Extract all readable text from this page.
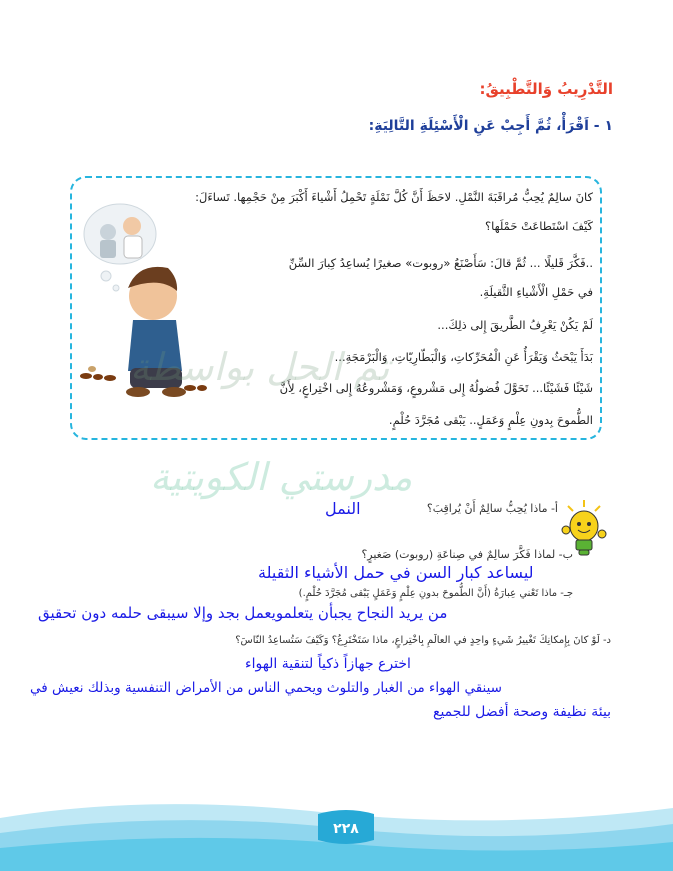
التَّدْرِيبُ وَالتَّطْبِيقُ:
١ - اَقْرَأْ، ثُمَّ أَجِبْ عَنِ الْأَسْئِلَةِ التَّالِيَةِ:
كانَ سالِمٌ يُحِبُّ مُراقَبَةَ النَّمْلِ. لاحَظَ أَنَّ كُلَّ نَمْلَةٍ تَحْمِلُ أَشْياءَ أَكْبَرَ مِنْ حَجْمِها. تَساءَلَ:
كَيْفَ اسْتَطاعَتْ حَمْلَها؟
..فَكَّرَ قَليلًا ... ثُمَّ قالَ: سَأَصْنَعُ «روبوت» صغيرًا يُساعِدُ كِبارَ السِّنِّ
في حَمْلِ الْأَشْياءِ الثَّقيلَةِ.
لَمْ يَكُنْ يَعْرِفُ الطَّريقَ إِلى ذلِكَ...
بَدَأَ يَبْحَثُ وَيَقْرَأُ عَنِ الْمُحَرِّكاتِ، وَالْبَطّارِيّاتِ، وَالْبَرْمَجَةِ...
شَيْئًا فَشَيْئًا... تَحَوَّلَ فُضولُهُ إِلى مَشْروعٍ، وَمَشْروعُهُ إِلى اخْتِراعٍ، لِأَنَّ
الطُّموحَ بِدونِ عِلْمٍ وَعَمَلٍ.. يَبْقى مُجَرَّدَ حُلْمٍ.
تم الحل بواسطة
مدرستي الكويتية
أ- ماذا يُحِبُّ سالِمٌ أَنْ يُراقِبَ؟
النمل
ب- لماذا فَكَّرَ سالِمٌ في صِناعَةِ (روبوت) صَغيرٍ؟
ليساعد كبار السن في حمل الأشياء الثقيلة
جـ- ماذا تَعْني عِبارَةُ (أَنَّ الطُّموحَ بدونِ عِلْمٍ وَعَمَلٍ يَبْقى مُجَرَّدَ حُلْمٍ.)
من يريد النجاح يجبأن يتعلمويعمل بجد وإلا سيبقى حلمه دون تحقيق
د- لَوْ كانَ بِإِمكانِكَ تَغْييرُ شَيءٍ واحِدٍ في العالَمِ بِاخْتِراعٍ، ماذا سَتَخْتَرِعُ؟ وَكَيْفَ سَتُساعِدُ النّاسَ؟
اخترع جهازاً ذكياً لتنقية الهواء
سينقي الهواء من الغبار والتلوث ويحمي الناس من الأمراض التنفسية وبذلك نعيش في
بيئة نظيفة وصحة أفضل للجميع
٢٢٨
